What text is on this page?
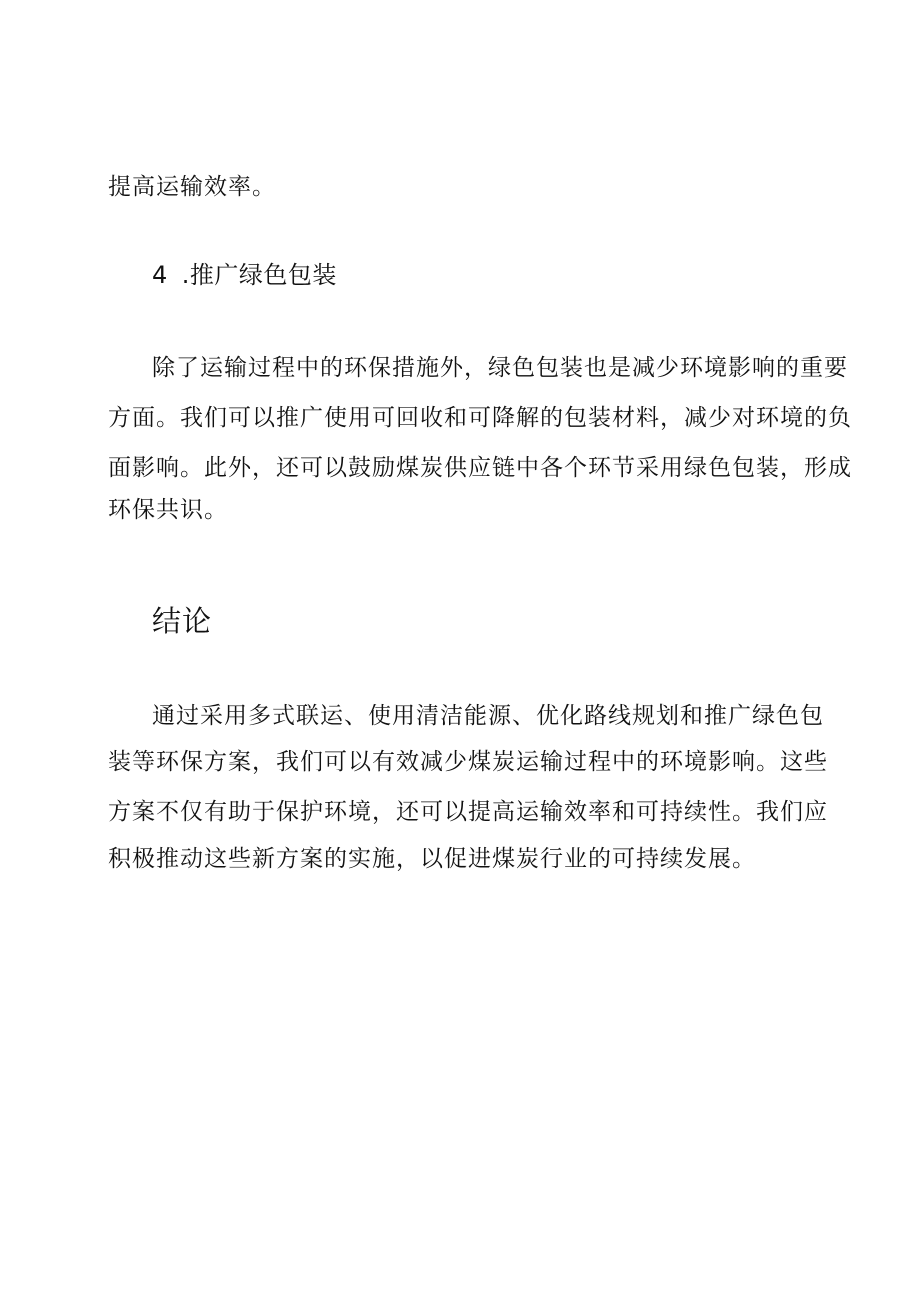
提高运输效率。
4 .推广绿色包装
除了运输过程中的环保措施外，绿色包装也是减少环境影响的重要
方面。我们可以推广使用可回收和可降解的包装材料，减少对环境的负
面影响。此外，还可以鼓励煤炭供应链中各个环节采用绿色包装，形成
环保共识。
结论
通过采用多式联运、使用清洁能源、优化路线规划和推广绿色包
装等环保方案，我们可以有效减少煤炭运输过程中的环境影响。这些
方案不仅有助于保护环境，还可以提高运输效率和可持续性。我们应
积极推动这些新方案的实施，以促进煤炭行业的可持续发展。
